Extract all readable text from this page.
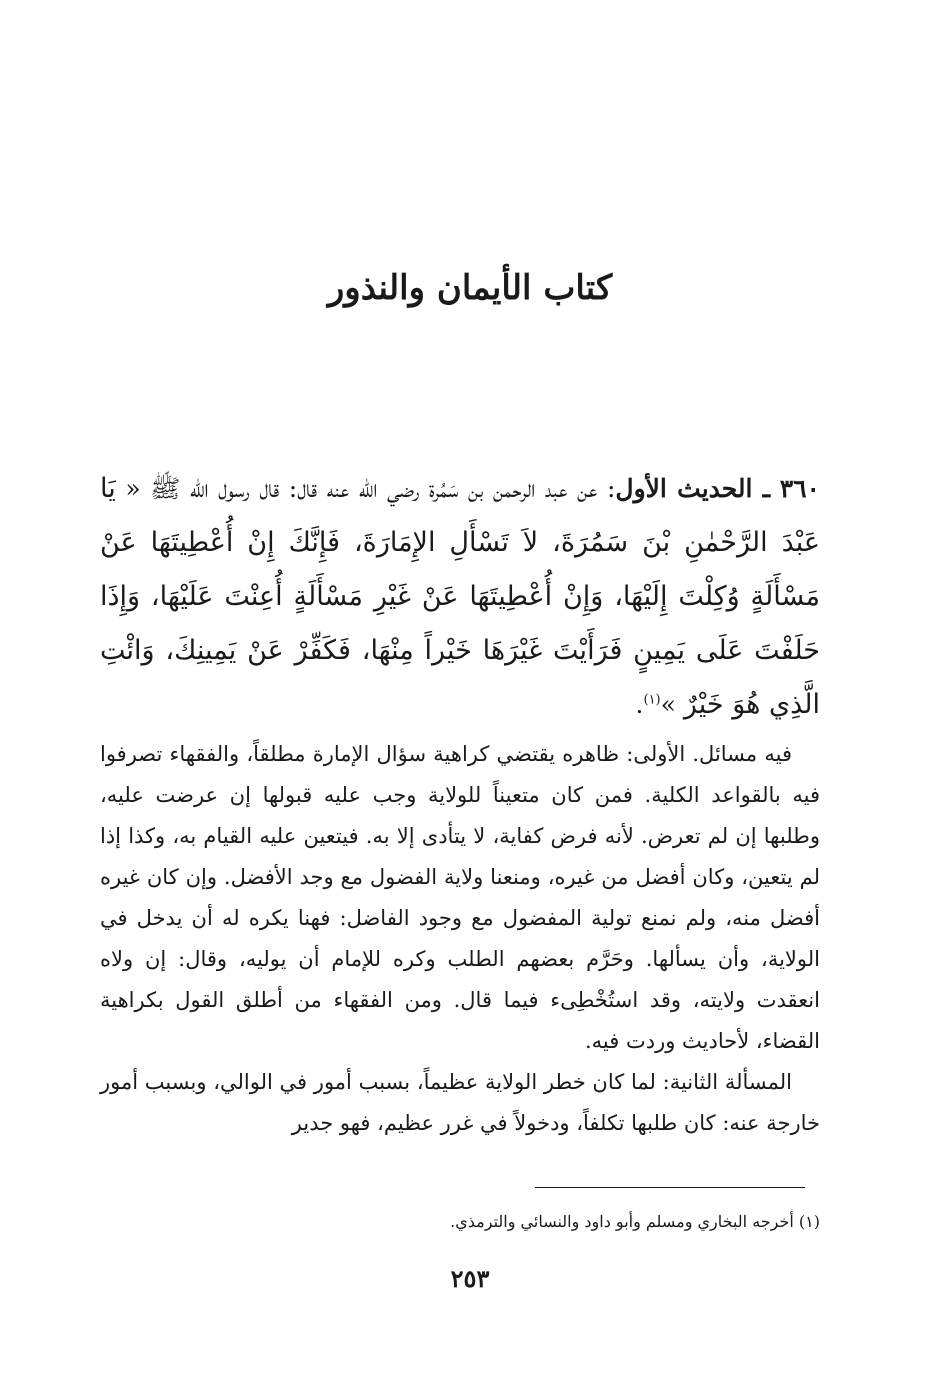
كتاب الأيمان والنذور
٣٦٠ ـ الحديث الأول: عن عبد الرحمن بن سَمُرة رضي الله عنه قال: قال رسول الله ﷺ « يَا عَبْدَ الرَّحْمٰنِ بْنَ سَمُرَةَ، لاَ تَسْأَلِ الإِمَارَةَ، فَإِنَّكَ إِنْ أُعْطِيتَهَا عَنْ مَسْأَلَةٍ وُكِلْتَ إِلَيْهَا، وَإِنْ أُعْطِيتَهَا عَنْ غَيْرِ مَسْأَلَةٍ أُعِنْتَ عَلَيْهَا، وَإِذَا حَلَفْتَ عَلَى يَمِينٍ فَرَأَيْتَ غَيْرَهَا خَيْراً مِنْهَا، فَكَفِّرْ عَنْ يَمِينِكَ، وَائْتِ الَّذِي هُوَ خَيْرٌ »$^{(١)}$.

فيه مسائل. الأولى: ظاهره يقتضي كراهية سؤال الإمارة مطلقاً، والفقهاء تصرفوا فيه بالقواعد الكلية. فمن كان متعيناً للولاية وجب عليه قبولها إن عرضت عليه، وطلبها إن لم تعرض. لأنه فرض كفاية، لا يتأدى إلا به. فيتعين عليه القيام به، وكذا إذا لم يتعين، وكان أفضل من غيره، ومنعنا ولاية الفضول مع وجد الأفضل. وإن كان غيره أفضل منه، ولم نمنع تولية المفضول مع وجود الفاضل: فهنا يكره له أن يدخل في الولاية، وأن يسألها. وحَرَّم بعضهم الطلب وكره للإمام أن يوليه، وقال: إن ولاه انعقدت ولايته، وقد استُخْطِىء فيما قال. ومن الفقهاء من أطلق القول بكراهية القضاء، لأحاديث وردت فيه.

المسألة الثانية: لما كان خطر الولاية عظيماً، بسبب أمور في الوالي، وبسبب أمور خارجة عنه: كان طلبها تكلفاً، ودخولاً في غرر عظيم، فهو جدير

(١) أخرجه البخاري ومسلم وأبو داود والنسائي والترمذي.
٢٥٣
